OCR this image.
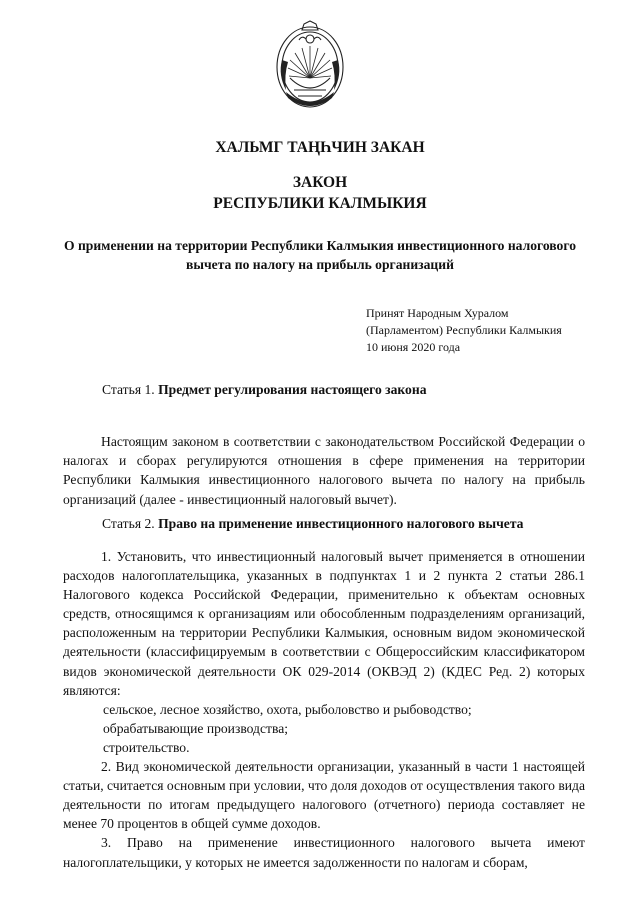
ХАЛЬМГ ТАҢҺЧИН ЗАКАН
ЗАКОН
РЕСПУБЛИКИ КАЛМЫКИЯ
О применении на территории Республики Калмыкия инвестиционного налогового вычета по налогу на прибыль организаций
Принят Народным Хуралом
(Парламентом) Республики Калмыкия
10 июня 2020 года
Статья 1. Предмет регулирования настоящего закона
Настоящим законом в соответствии с законодательством Российской Федерации о налогах и сборах регулируются отношения в сфере применения на территории Республики Калмыкия инвестиционного налогового вычета по налогу на прибыль организаций (далее - инвестиционный налоговый вычет).
Статья 2. Право на применение инвестиционного налогового вычета

1. Установить, что инвестиционный налоговый вычет применяется в отношении расходов налогоплательщика, указанных в подпунктах 1 и 2 пункта 2 статьи 286.1 Налогового кодекса Российской Федерации, применительно к объектам основных средств, относящимся к организациям или обособленным подразделениям организаций, расположенным на территории Республики Калмыкия, основным видом экономической деятельности (классифицируемым в соответствии с Общероссийским классификатором видов экономической деятельности ОК 029-2014 (ОКВЭД 2) (КДЕС Ред. 2) которых являются:

сельское, лесное хозяйство, охота, рыболовство и рыбоводство;

обрабатывающие производства;

строительство.

2. Вид экономической деятельности организации, указанный в части 1 настоящей статьи, считается основным при условии, что доля доходов от осуществления такого вида деятельности по итогам предыдущего налогового (отчетного) периода составляет не менее 70 процентов в общей сумме доходов.

3. Право на применение инвестиционного налогового вычета имеют налогоплательщики, у которых не имеется задолженности по налогам и сборам,
